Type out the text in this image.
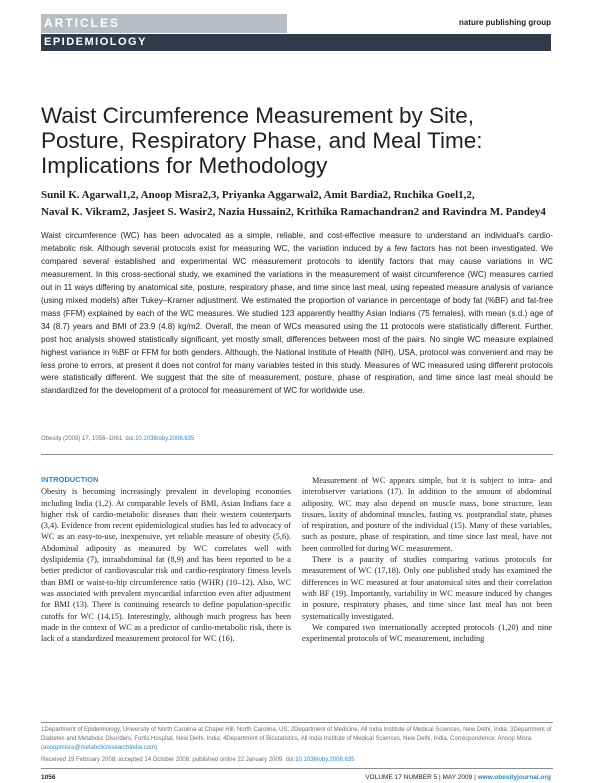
ARTICLES
EPIDEMIOLOGY
nature publishing group
Waist Circumference Measurement by Site, Posture, Respiratory Phase, and Meal Time: Implications for Methodology
Sunil K. Agarwal1,2, Anoop Misra2,3, Priyanka Aggarwal2, Amit Bardia2, Ruchika Goel1,2,
Naval K. Vikram2, Jasjeet S. Wasir2, Nazia Hussain2, Krithika Ramachandran2 and Ravindra M. Pandey4
Waist circumference (WC) has been advocated as a simple, reliable, and cost-effective measure to understand an individual's cardio-metabolic risk. Although several protocols exist for measuring WC, the variation induced by a few factors has not been investigated. We compared several established and experimental WC measurement protocols to identify factors that may cause variations in WC measurement. In this cross-sectional study, we examined the variations in the measurement of waist circumference (WC) measures carried out in 11 ways differing by anatomical site, posture, respiratory phase, and time since last meal, using repeated measure analysis of variance (using mixed models) after Tukey–Kramer adjustment. We estimated the proportion of variance in percentage of body fat (%BF) and fat-free mass (FFM) explained by each of the WC measures. We studied 123 apparently healthy Asian Indians (75 females), with mean (s.d.) age of 34 (8.7) years and BMI of 23.9 (4.8) kg/m2. Overall, the mean of WCs measured using the 11 protocols were statistically different. Further, post hoc analysis showed statistically significant, yet mostly small, differences between most of the pairs. No single WC measure explained highest variance in %BF or FFM for both genders. Although, the National Institute of Health (NIH), USA, protocol was convenient and may be less prone to errors, at present it does not control for many variables tested in this study. Measures of WC measured using different protocols were statistically different. We suggest that the site of measurement, posture, phase of respiration, and time since last meal should be standardized for the development of a protocol for measurement of WC for worldwide use.
Obesity (2009) 17, 1056–1061. doi:10.1038/oby.2008.635
INTRODUCTION

Obesity is becoming increasingly prevalent in developing economies including India (1,2). At comparable levels of BMI, Asian Indians face a higher risk of cardio-metabolic diseases than their western counterparts (3,4). Evidence from recent epidemiological studies has led to advocacy of WC as an easy-to-use, inexpensive, yet reliable measure of obesity (5,6). Abdominal adiposity as measured by WC correlates well with dyslipidemia (7), intraabdominal fat (8,9) and has been reported to be a better predictor of cardiovascular risk and cardio-respiratory fitness levels than BMI or waist-to-hip circumference ratio (WHR) (10–12). Also, WC was associated with prevalent myocardial infarction even after adjustment for BMI (13). There is continuing research to define population-specific cutoffs for WC (14,15). Interestingly, although much progress has been made in the context of WC as a predictor of cardio-metabolic risk, there is lack of a standardized measurement protocol for WC (16).

Measurement of WC appears simple, but it is subject to intra- and interobserver variations (17). In addition to the amount of abdominal adiposity, WC may also depend on muscle mass, bone structure, lean tissues, laxity of abdominal muscles, fasting vs. postprandial state, phases of respiration, and posture of the individual (15). Many of these variables, such as posture, phase of respiration, and time since last meal, have not been controlled for during WC measurement.

There is a paucity of studies comparing various protocols for measurement of WC (17,18). Only one published study has examined the differences in WC measured at four anatomical sites and their correlation with BF (19). Importantly, variability in WC measure induced by changes in posture, respiratory phases, and time since last meal has not been systematically investigated.

We compared two internationally accepted protocols (1,20) and nine experimental protocols of WC measurement, including

1Department of Epidemiology, University of North Carolina at Chapel Hill, North Carolina, US; 2Department of Medicine, All India Institute of Medical Sciences, New Delhi, India; 3Department of Diabetes and Metabolic Disorders, Fortis Hospital, New Delhi, India; 4Department of Biostatistics, All India Institute of Medical Sciences, New Delhi, India. Correspondence: Anoop Misra (anoopmisra@metabolicresearchindia.com)
Received 19 February 2008; accepted 14 October 2008; published online 22 January 2009. doi:10.1038/oby.2008.635
1056	VOLUME 17 NUMBER 5 | MAY 2009 | www.obesityjournal.org
